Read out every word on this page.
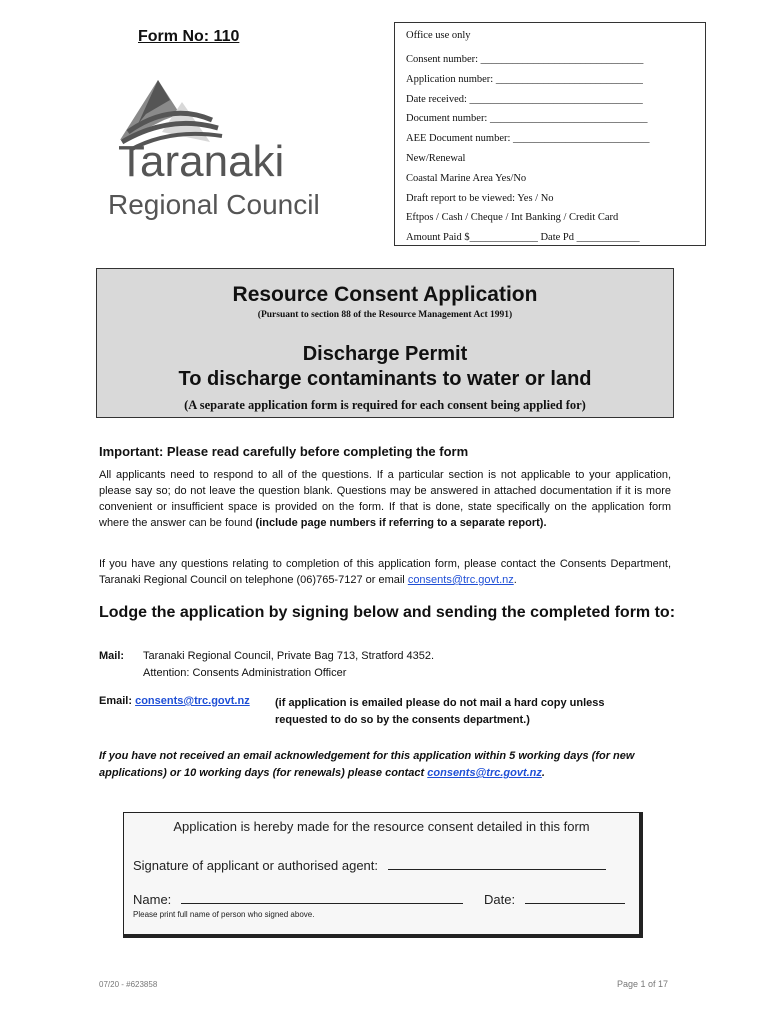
Form No: 110
Taranaki
Regional Council
Office use only
Consent number: _______________________________
Application number: ____________________________
Date received: _________________________________
Document number: ______________________________
AEE Document number: __________________________
New/Renewal
Coastal Marine Area Yes/No
Draft report to be viewed: Yes / No
Eftpos / Cash / Cheque / Int Banking / Credit Card
Amount Paid $_____________ Date Pd ____________
Resource Consent Application
(Pursuant to section 88 of the Resource Management Act 1991)
Discharge Permit
To discharge contaminants to water or land
(A separate application form is required for each consent being applied for)
Important: Please read carefully before completing the form
All applicants need to respond to all of the questions. If a particular section is not applicable to your application, please say so; do not leave the question blank. Questions may be answered in attached documentation if it is more convenient or insufficient space is provided on the form. If that is done, state specifically on the application form where the answer can be found (include page numbers if referring to a separate report).
If you have any questions relating to completion of this application form, please contact the Consents Department, Taranaki Regional Council on telephone (06)765-7127 or email consents@trc.govt.nz.
Lodge the application by signing below and sending the completed form to:
Mail: Taranaki Regional Council, Private Bag 713, Stratford 4352.
Attention: Consents Administration Officer
Email: consents@trc.govt.nz (if application is emailed please do not mail a hard copy unless
requested to do so by the consents department.)
If you have not received an email acknowledgement for this application within 5 working days (for new applications) or 10 working days (for renewals) please contact consents@trc.govt.nz.
Application is hereby made for the resource consent detailed in this form
Signature of applicant or authorised agent:
Name:	Date:
Please print full name of person who signed above.
07/20 - #623858	Page 1 of 17
